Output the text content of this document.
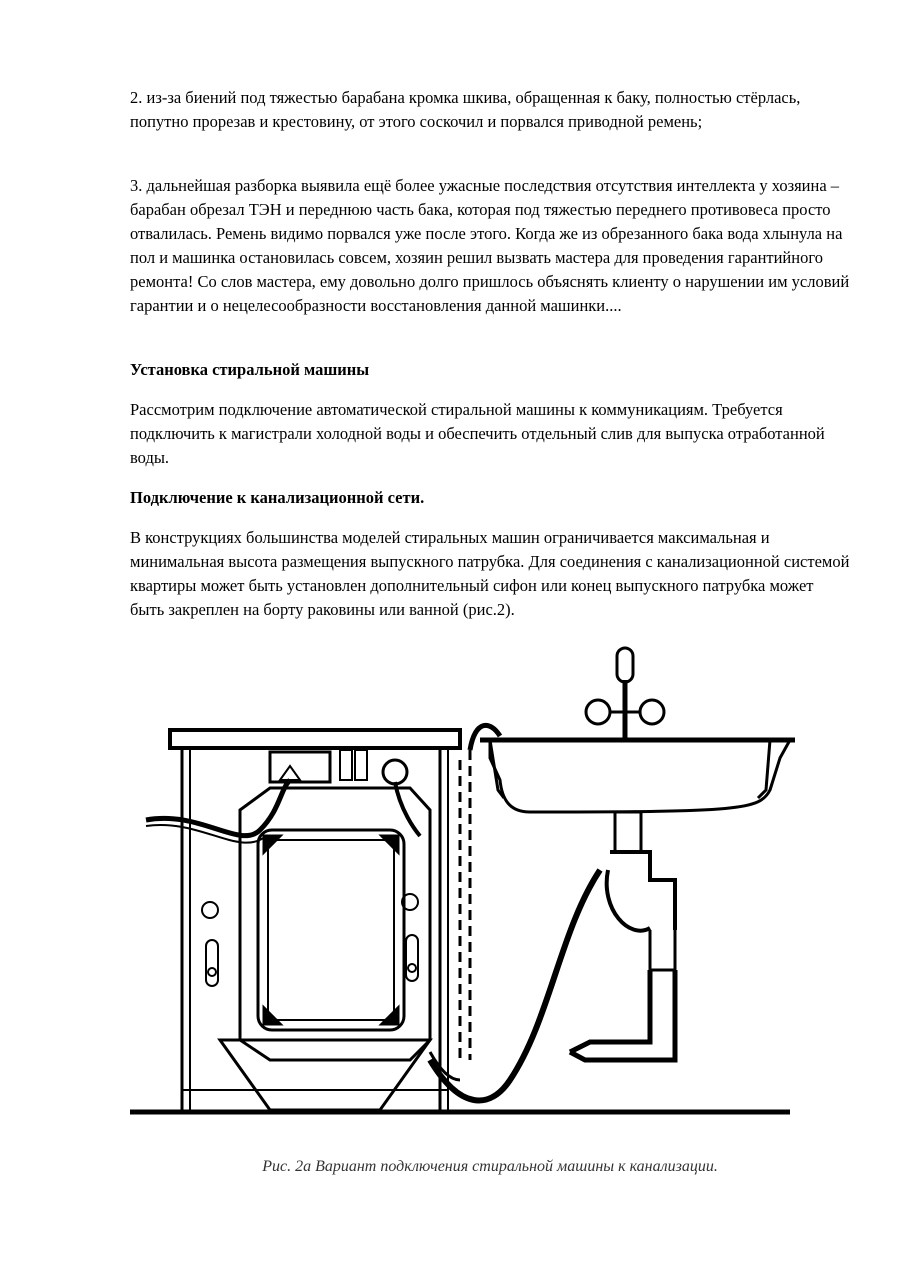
2. из-за биений под тяжестью барабана кромка шкива, обращенная к баку, полностью стёрлась, попутно прорезав и крестовину, от этого соскочил и порвался приводной ремень;

3. дальнейшая разборка выявила ещё более ужасные последствия отсутствия интеллекта у хозяина – барабан обрезал ТЭН и переднюю часть бака, которая под тяжестью переднего противовеса просто отвалилась. Ремень видимо порвался уже после этого. Когда же из обрезанного бака вода хлынула на пол и машинка остановилась совсем, хозяин решил вызвать мастера для проведения гарантийного ремонта! Со слов мастера, ему довольно долго пришлось объяснять клиенту о нарушении им условий гарантии и о нецелесообразности восстановления данной машинки....

Установка стиральной машины

Рассмотрим подключение автоматической стиральной машины к коммуникациям. Требуется подключить к магистрали холодной воды и обеспечить отдельный слив для выпуска отработанной воды.

Подключение к канализационной сети.

В конструкциях большинства моделей стиральных машин ограничивается максимальная и минимальная высота размещения выпускного патрубка. Для соединения с канализационной системой квартиры может быть установлен дополнительный сифон или конец выпускного патрубка может быть закреплен на борту раковины или ванной (рис.2).

Рис. 2а Вариант подключения стиральной машины к канализации.
